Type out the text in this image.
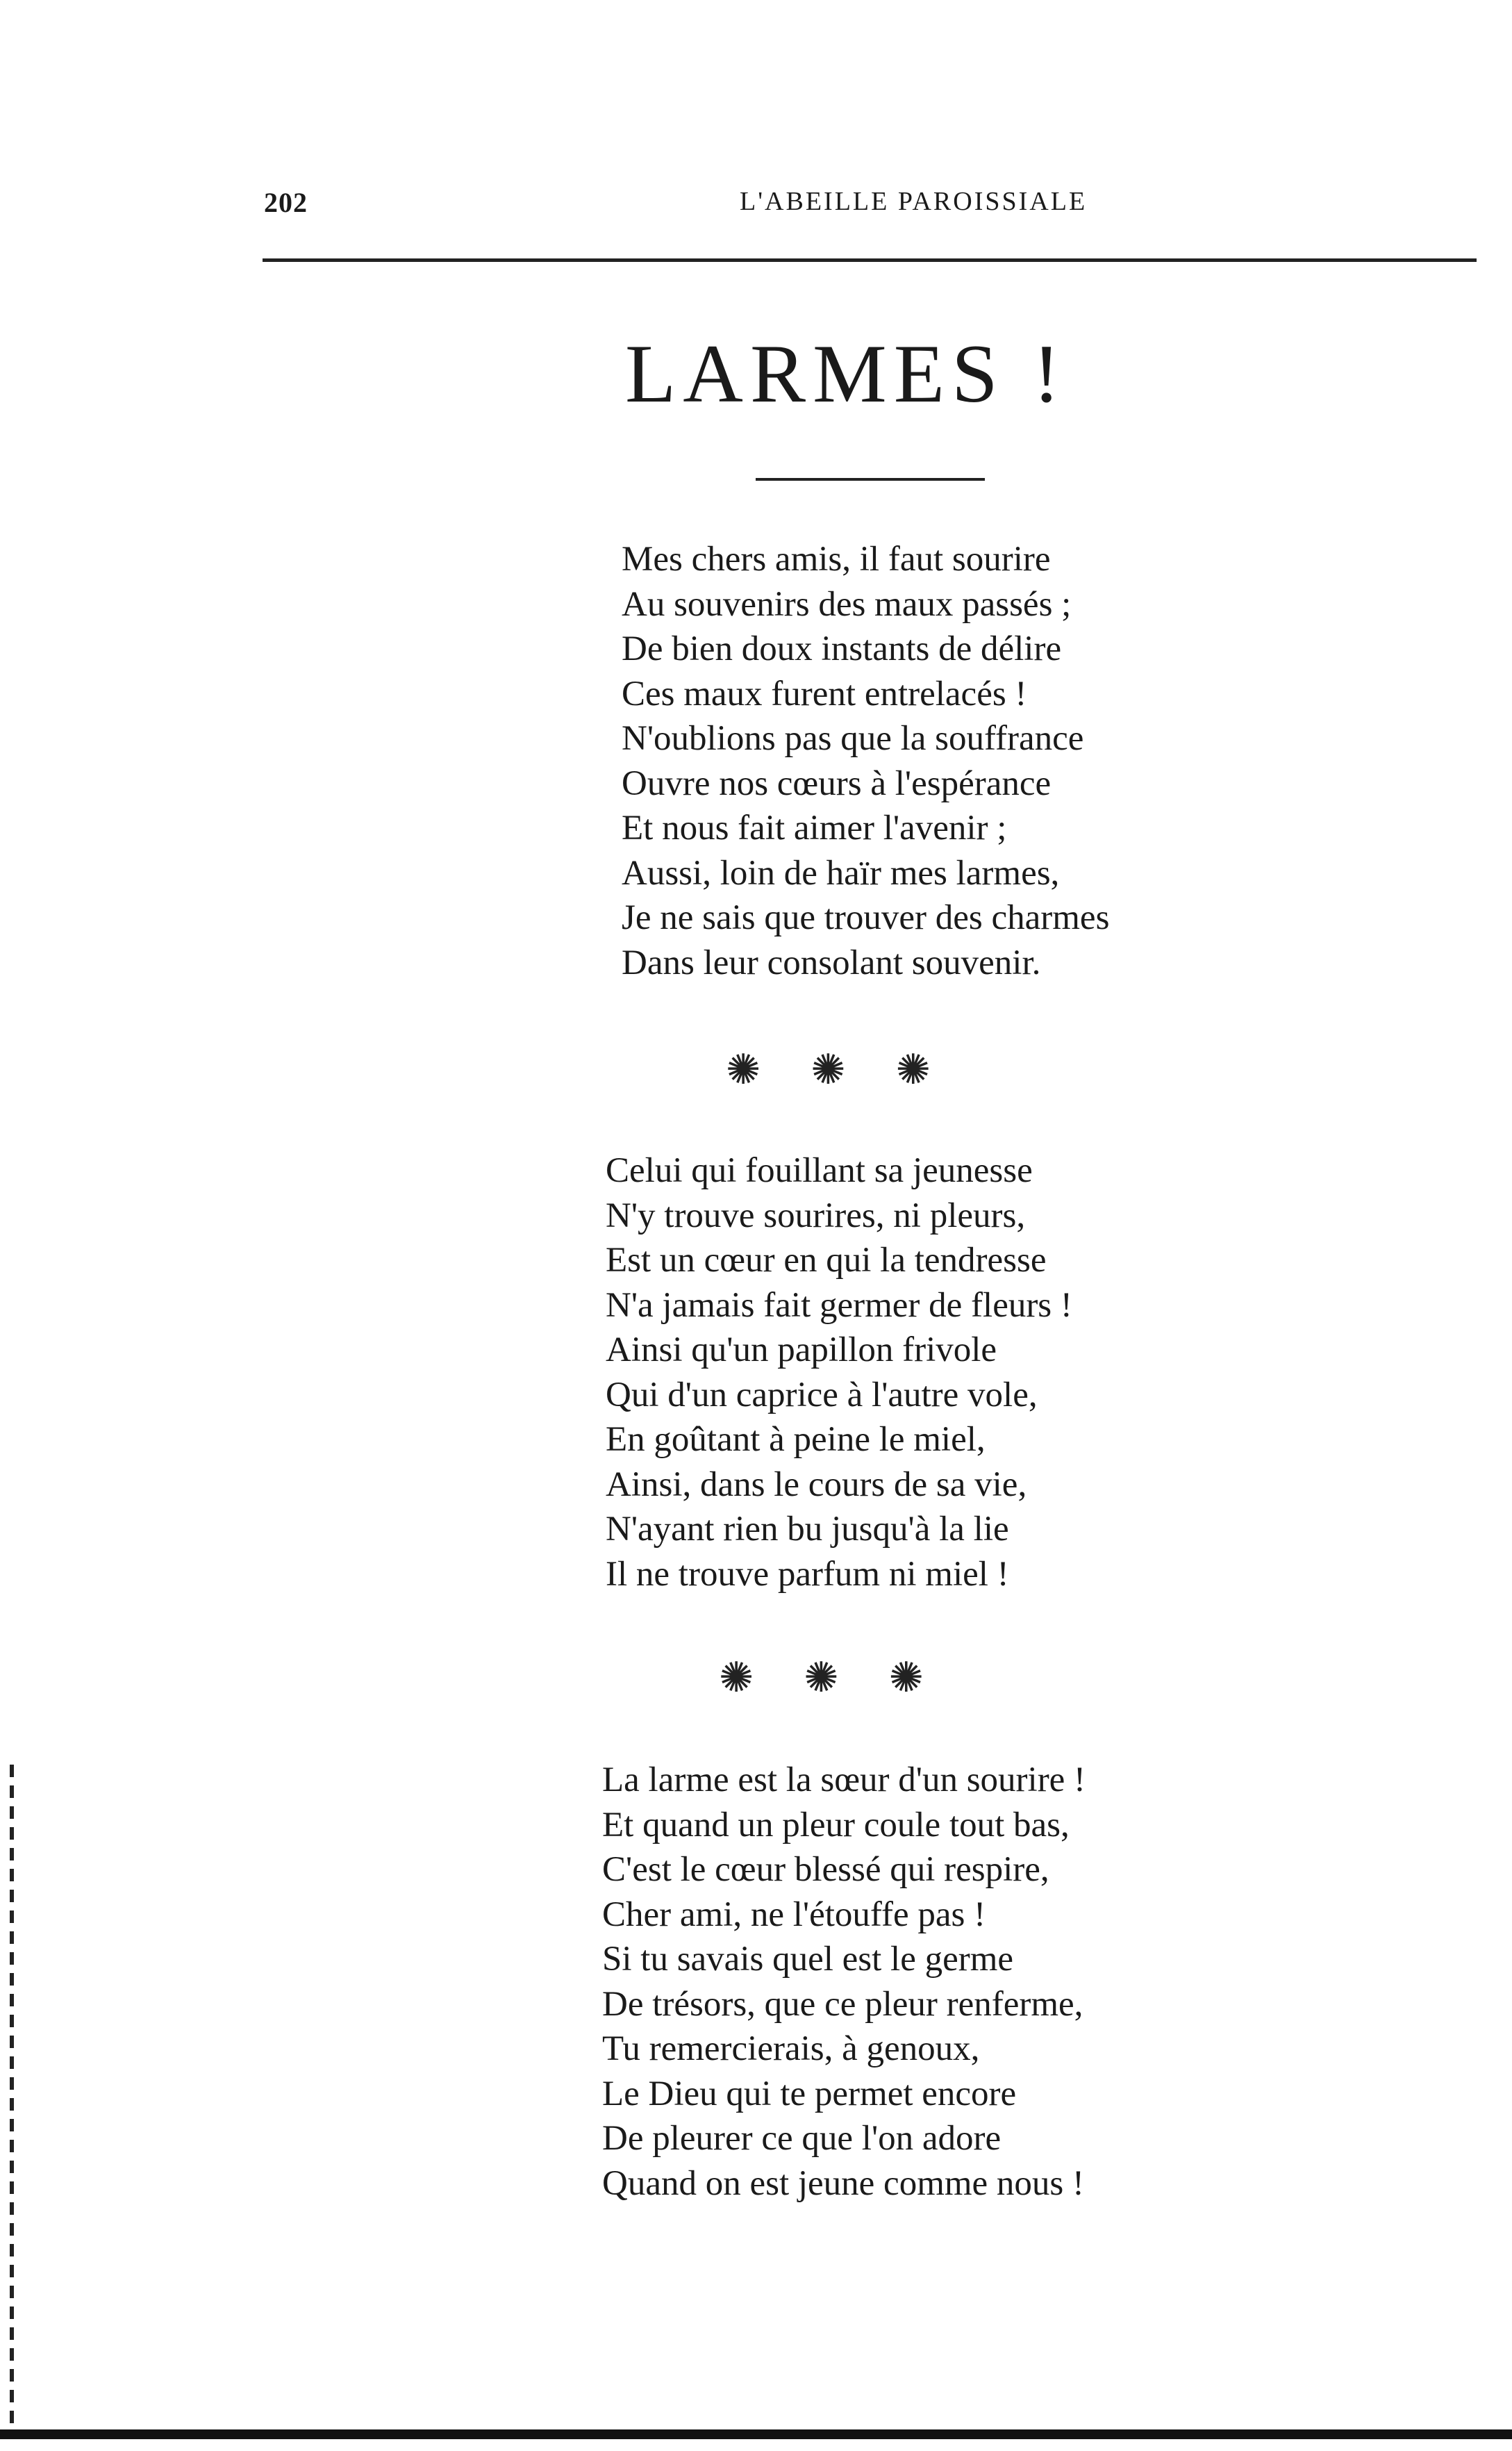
202	L'ABEILLE PAROISSIALE
LARMES !
Mes chers amis, il faut sourire
Au souvenirs des maux passés ;
De bien doux instants de délire
Ces maux furent entrelacés !
N'oublions pas que la souffrance
Ouvre nos cœurs à l'espérance
Et nous fait aimer l'avenir ;
Aussi, loin de haïr mes larmes,
Je ne sais que trouver des charmes
Dans leur consolant souvenir.
✺ ✺ ✺
Celui qui fouillant sa jeunesse
N'y trouve sourires, ni pleurs,
Est un cœur en qui la tendresse
N'a jamais fait germer de fleurs !
Ainsi qu'un papillon frivole
Qui d'un caprice à l'autre vole,
En goûtant à peine le miel,
Ainsi, dans le cours de sa vie,
N'ayant rien bu jusqu'à la lie
Il ne trouve parfum ni miel !
✺ ✺ ✺
La larme est la sœur d'un sourire !
Et quand un pleur coule tout bas,
C'est le cœur blessé qui respire,
Cher ami, ne l'étouffe pas !
Si tu savais quel est le germe
De trésors, que ce pleur renferme,
Tu remercierais, à genoux,
Le Dieu qui te permet encore
De pleurer ce que l'on adore
Quand on est jeune comme nous !
